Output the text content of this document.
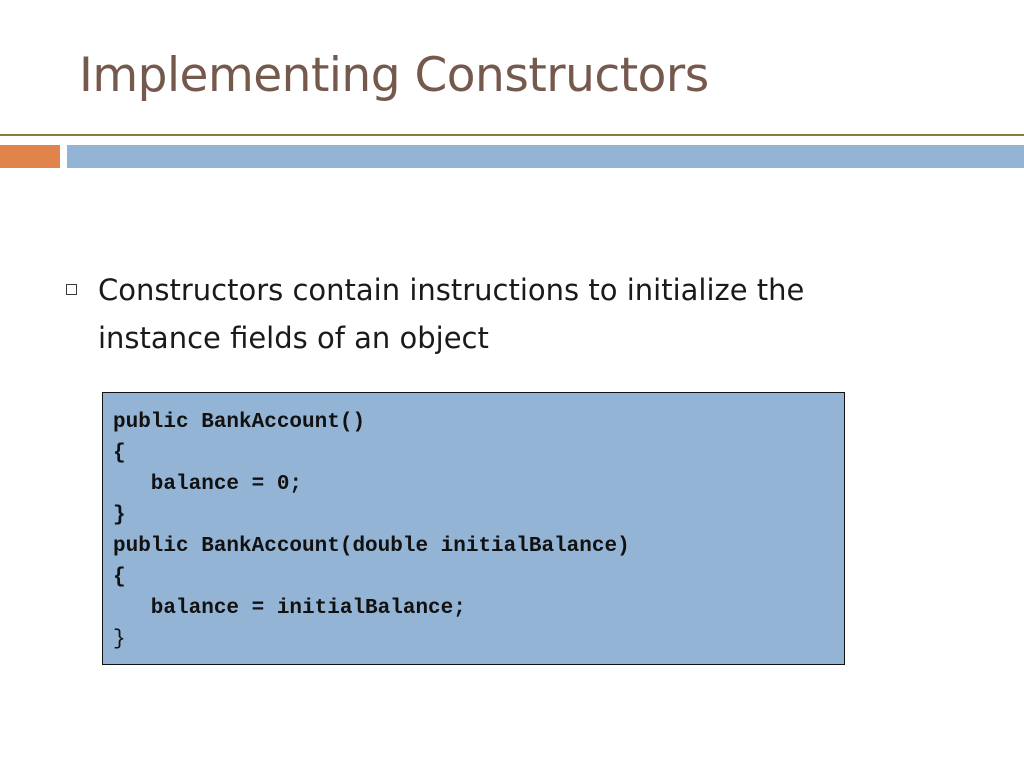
Implementing Constructors

Constructors contain instructions to initialize the instance fields of an object

public BankAccount()
{
balance = 0;
}
public BankAccount(double initialBalance)
{
balance = initialBalance;
}
